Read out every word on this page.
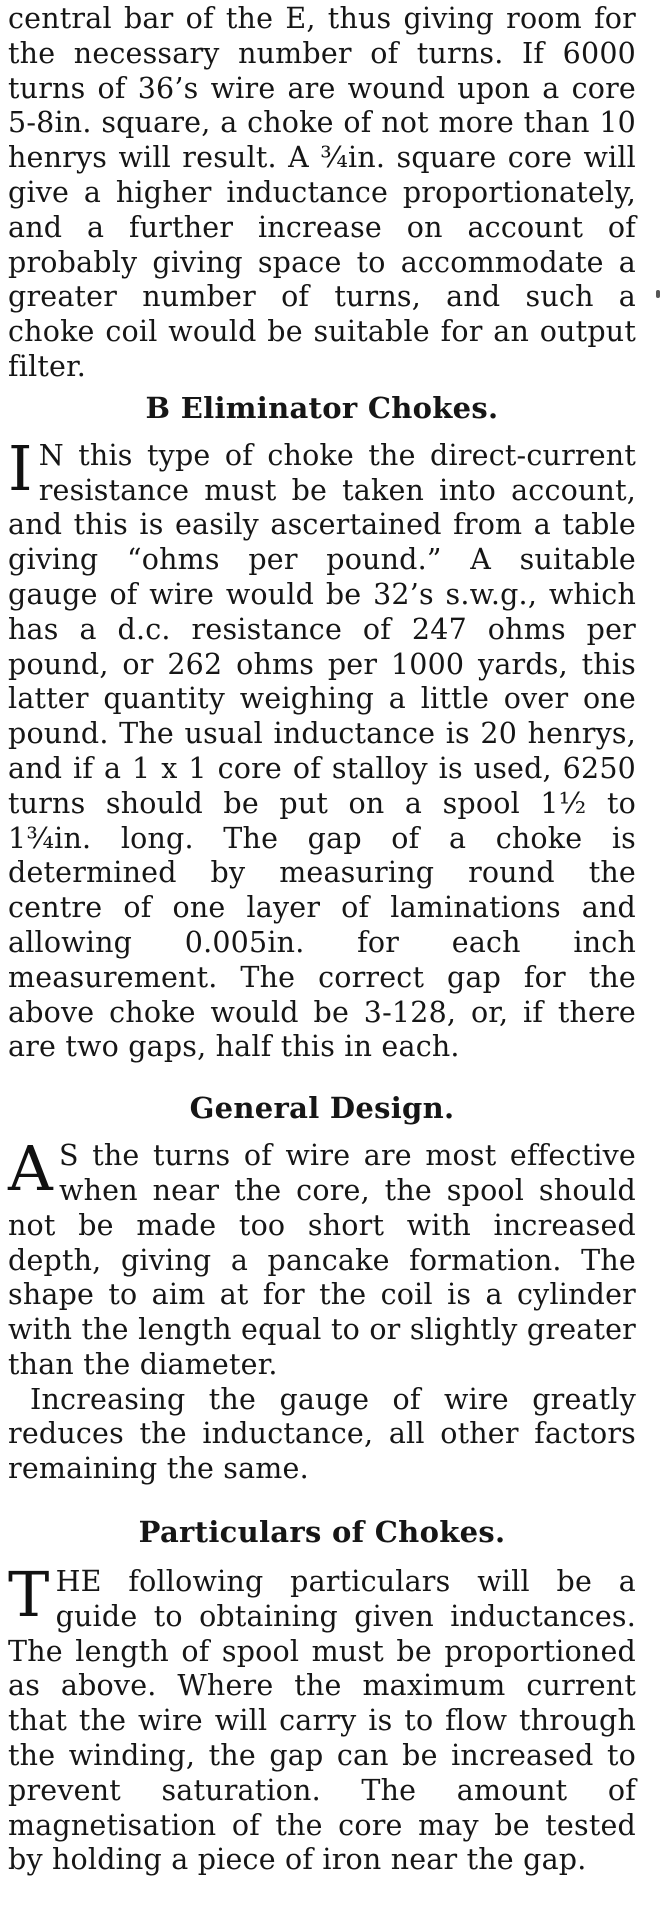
central bar of the E, thus giving room for the necessary number of turns. If 6000 turns of 36’s wire are wound upon a core 5-8in. square, a choke of not more than 10 henrys will result. A ¾in. square core will give a higher inductance proportionately, and a further increase on account of probably giving space to accommodate a greater number of turns, and such a choke coil would be suitable for an output filter.

B Eliminator Chokes.

I N this type of choke the direct-current resistance must be taken into account, and this is easily ascertained from a table giving “ohms per pound.” A suitable gauge of wire would be 32’s s.w.g., which has a d.c. resistance of 247 ohms per pound, or 262 ohms per 1000 yards, this latter quantity weighing a little over one pound. The usual inductance is 20 henrys, and if a 1 x 1 core of stalloy is used, 6250 turns should be put on a spool 1½ to 1¾in. long. The gap of a choke is determined by measuring round the centre of one layer of laminations and allowing 0.005in. for each inch measurement. The correct gap for the above choke would be 3-128, or, if there are two gaps, half this in each.

General Design.

A S the turns of wire are most effective when near the core, the spool should not be made too short with increased depth, giving a pancake formation. The shape to aim at for the coil is a cylinder with the length equal to or slightly greater than the diameter.

Increasing the gauge of wire greatly reduces the inductance, all other factors remaining the same.

Particulars of Chokes.

THE following particulars will be a guide to obtaining given inductances. The length of spool must be proportioned as above. Where the maximum current that the wire will carry is to flow through the winding, the gap can be increased to prevent saturation. The amount of magnetisation of the core may be tested by holding a piece of iron near the gap.
